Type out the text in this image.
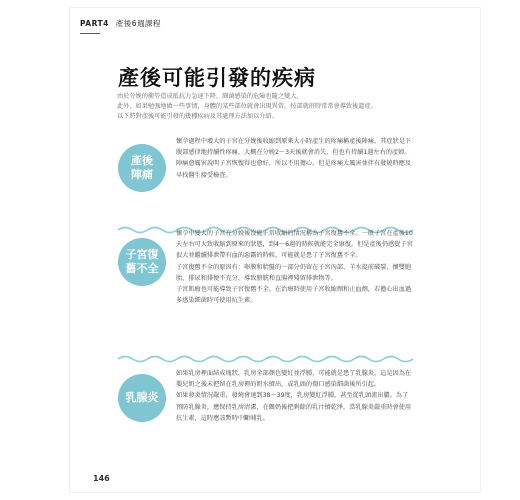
PART4 產後6週課程
產後可能引發的疾病

由於分娩的衝勞造成抵抗力急速下降，細菌感染的危險也隨之變大。

此外，如果勉強地做一些事情，身體的某些部位就會出現異常，按部就班時常常會導致後遺症。

以下將對產後可能引發的幾種疾病及其處理方法加以介紹。

產後
陣痛

懷孕過程中增大的子宮在分娩後收縮到原來大小時產生的疼痛稱產後陣痛。其症狀是下腹部感律地持續性疼痛，大概在分娩2～3天後就會消失，但也有持續1週左右的產婦。

陣痛愈厲害說明子宮恢復得也愈好，所以不用擔心。但是疼痛太厲害並伴有發燒時應及早找醫生接受檢查。

子宮復
舊不全

懷孕中變大的子宮在分娩後沒能正常收縮的情況稱為子宮復舊不全。一般子宮在產後10天左右可大致收縮到原來的狀態，到4～6週的時候就能完全康復。但是產後仍感覺子宮很大並繼續排泄帶有血的惡露的時候，可能就是患了子宮復舊不全。

子宮復舊不全的原因有：卵膜和胎盤的一部分仍留在子宮內部、羊水提前破裂、懷雙胞胎、排尿和排便不充分，導致膀胱和直腸裡殘留排泄物等。

子宮肌瘤也可能導致子宮復舊不全。在治療時使用子宮收縮劑和止血劑，若擔心出血過多感染細菌時可使用抗生素。

乳腺炎

如果乳房裡面結成塊狀，乳房全部顏色變紅並浮腫，可能就是患了乳腺炎。這是因為在嬰兒奶之後未把留在乳房裡的奶水擠出，或乳頭的傷口感染細菌後所引起。

如果發炎情況嚴重，發燒會達到38～39度，乳房變紅浮腫，甚至從乳頭流出膿。為了預防乳腺炎，應保持乳房清潔，在餵奶後把剩餘的乳汁擠乾淨，當乳腺炎嚴重時會使用抗生素，這時應該暫時中斷哺乳。

146
